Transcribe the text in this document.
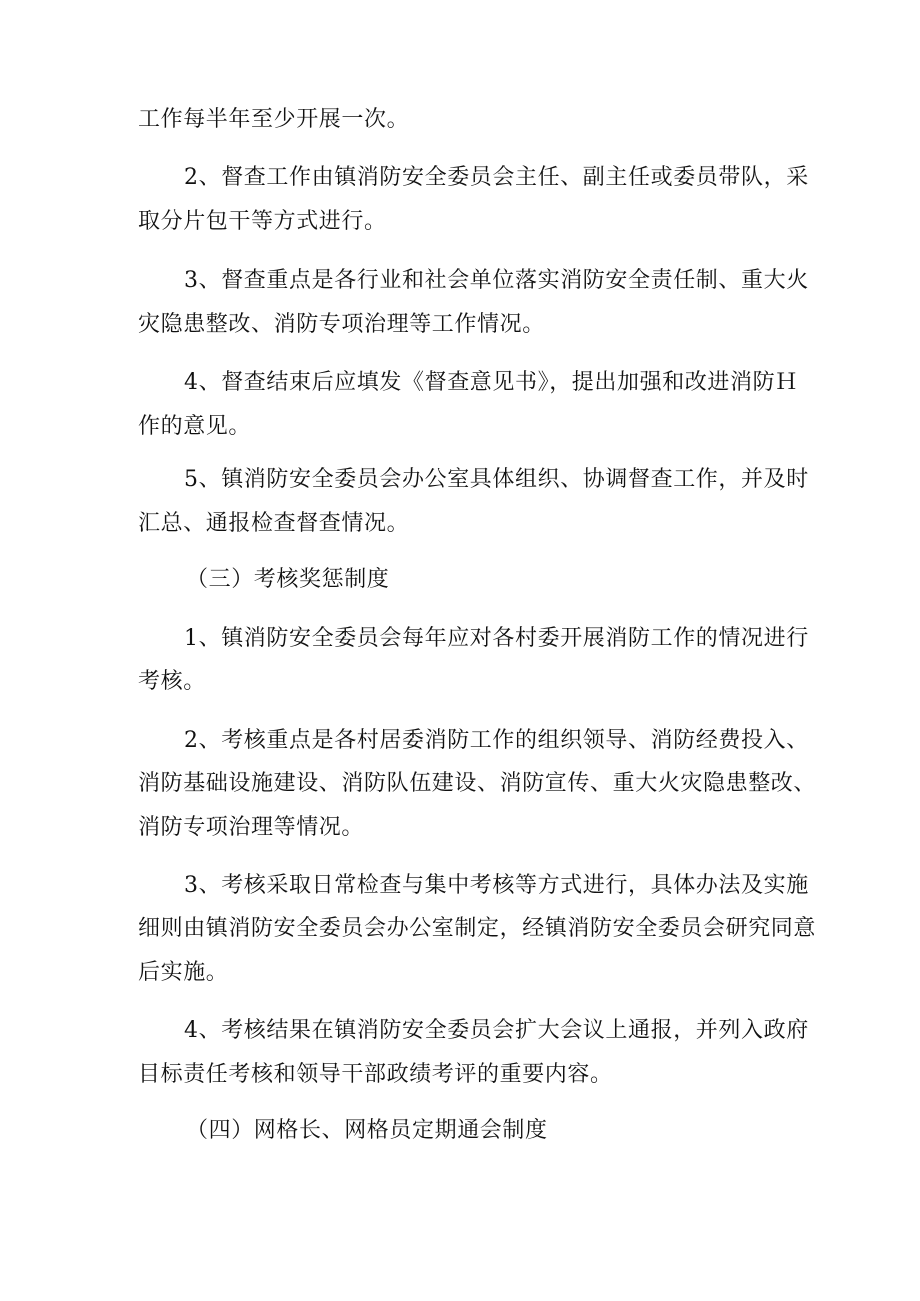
工作每半年至少开展一次。
2、督查工作由镇消防安全委员会主任、副主任或委员带队，采
取分片包干等方式进行。
3、督查重点是各行业和社会单位落实消防安全责任制、重大火
灾隐患整改、消防专项治理等工作情况。
4、督查结束后应填发《督查意见书》，提出加强和改进消防Ｈ
作的意见。
5、镇消防安全委员会办公室具体组织、协调督查工作，并及时
汇总、通报检查督查情况。
（三）考核奖惩制度
1、镇消防安全委员会每年应对各村委开展消防工作的情况进行
考核。
2、考核重点是各村居委消防工作的组织领导、消防经费投入、
消防基础设施建设、消防队伍建设、消防宣传、重大火灾隐患整改、
消防专项治理等情况。
3、考核采取日常检查与集中考核等方式进行，具体办法及实施
细则由镇消防安全委员会办公室制定，经镇消防安全委员会研究同意
后实施。
4、考核结果在镇消防安全委员会扩大会议上通报，并列入政府
目标责任考核和领导干部政绩考评的重要内容。
（四）网格长、网格员定期通会制度
